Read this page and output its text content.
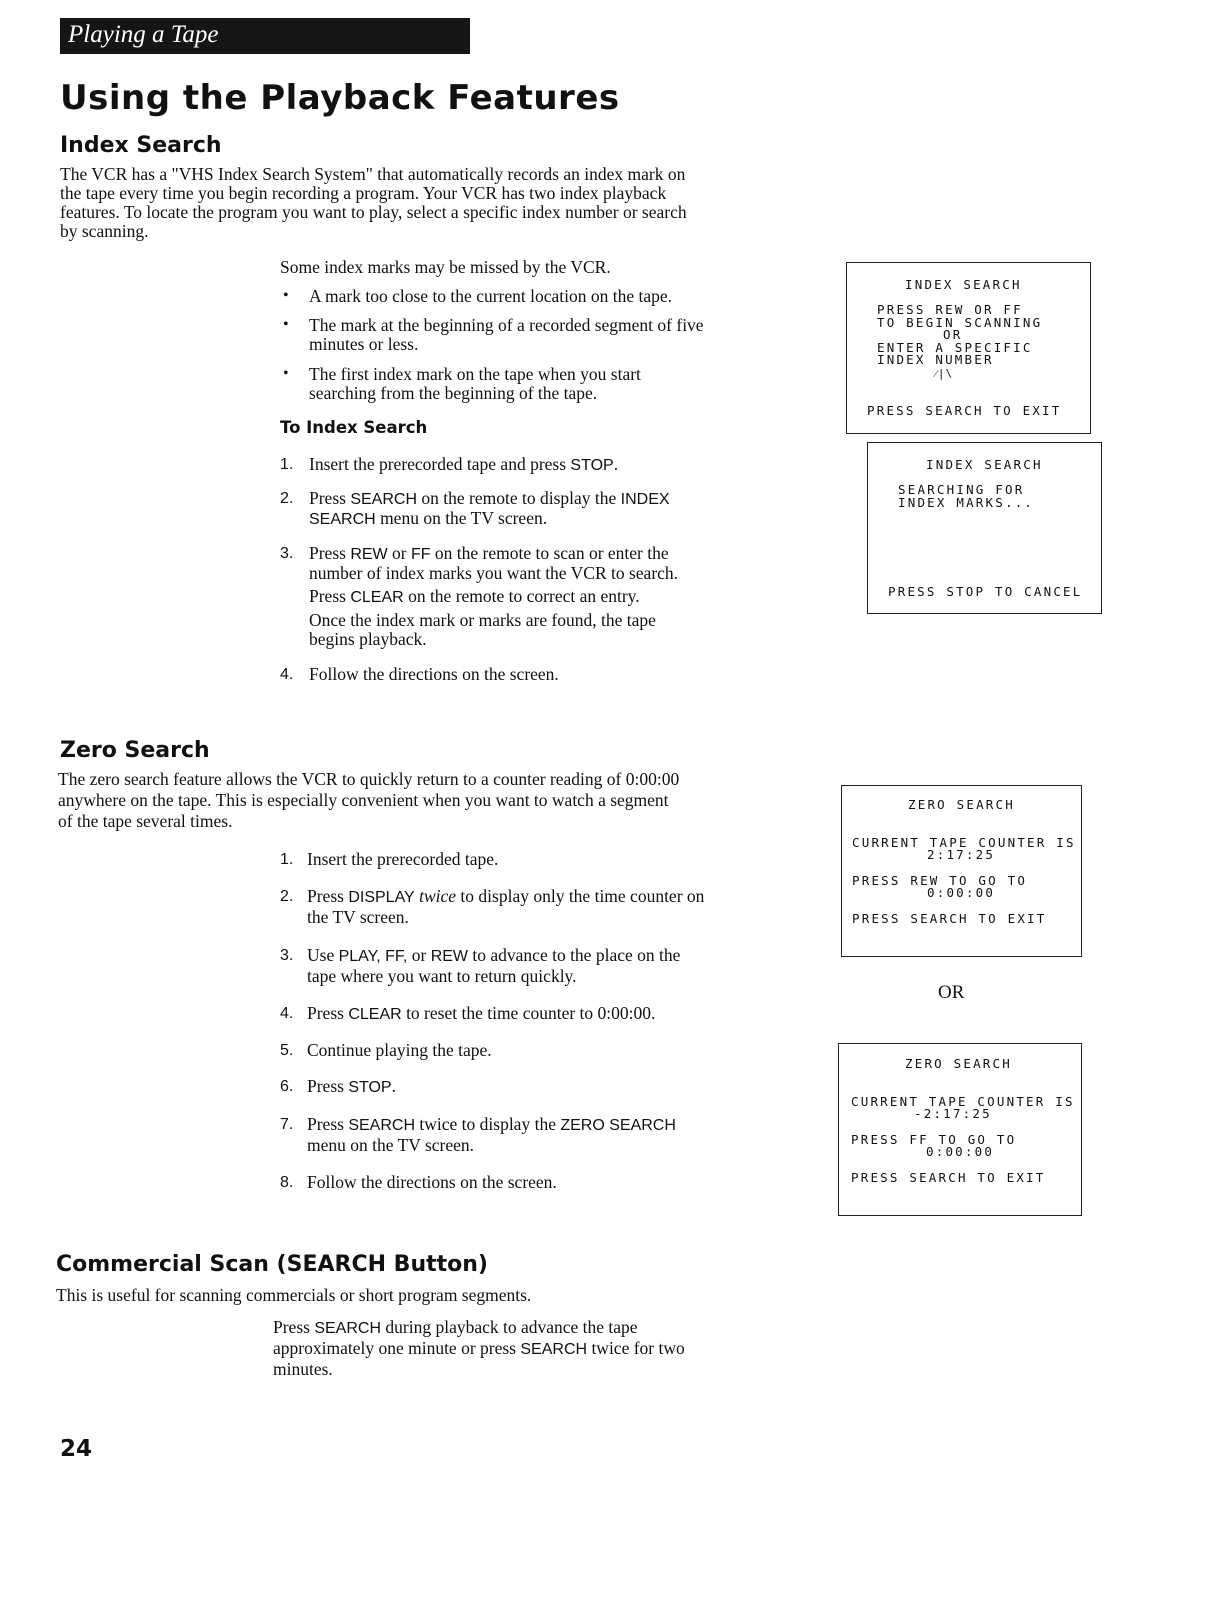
Playing a Tape
Using the Playback Features
Index Search
The VCR has a "VHS Index Search System" that automatically records an index mark on
the tape every time you begin recording a program. Your VCR has two index playback
features. To locate the program you want to play, select a specific index number or search
by scanning.
Some index marks may be missed by the VCR.
• A mark too close to the current location on the tape.
• The mark at the beginning of a recorded segment of five
minutes or less.
• The first index mark on the tape when you start
searching from the beginning of the tape.
To Index Search
1. Insert the prerecorded tape and press STOP.
2. Press SEARCH on the remote to display the INDEX
SEARCH menu on the TV screen.
3. Press REW or FF on the remote to scan or enter the
number of index marks you want the VCR to search.
Press CLEAR on the remote to correct an entry.
Once the index mark or marks are found, the tape
begins playback.
4. Follow the directions on the screen.
INDEX SEARCH
PRESS REW OR FF
TO BEGIN SCANNING
OR
ENTER A SPECIFIC
INDEX NUMBER
⁄|\
PRESS SEARCH TO EXIT
INDEX SEARCH
SEARCHING FOR
INDEX MARKS...
PRESS STOP TO CANCEL
Zero Search
The zero search feature allows the VCR to quickly return to a counter reading of 0:00:00
anywhere on the tape. This is especially convenient when you want to watch a segment
of the tape several times.
1. Insert the prerecorded tape.
2. Press DISPLAY twice to display only the time counter on
the TV screen.
3. Use PLAY, FF, or REW to advance to the place on the
tape where you want to return quickly.
4. Press CLEAR to reset the time counter to 0:00:00.
5. Continue playing the tape.
6. Press STOP.
7. Press SEARCH twice to display the ZERO SEARCH
menu on the TV screen.
8. Follow the directions on the screen.
ZERO SEARCH
CURRENT TAPE COUNTER IS
2:17:25
PRESS REW TO GO TO
0:00:00
PRESS SEARCH TO EXIT
OR
ZERO SEARCH
CURRENT TAPE COUNTER IS
-2:17:25
PRESS FF TO GO TO
0:00:00
PRESS SEARCH TO EXIT
Commercial Scan (SEARCH Button)
This is useful for scanning commercials or short program segments.
Press SEARCH during playback to advance the tape
approximately one minute or press SEARCH twice for two
minutes.
24
